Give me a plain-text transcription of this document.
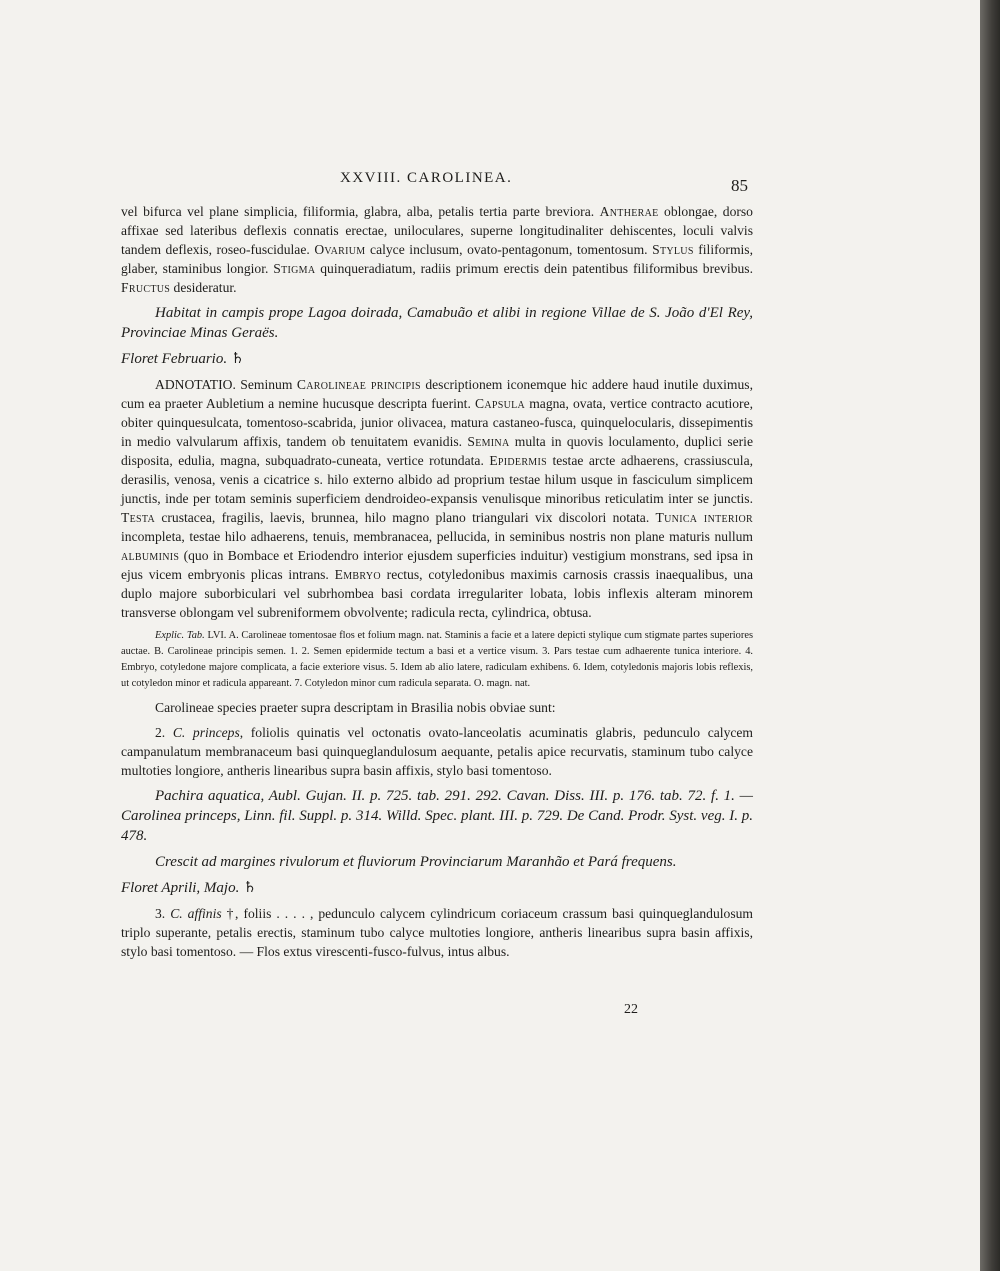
XXVIII. CAROLINEA.	85

vel bifurca vel plane simplicia, filiformia, glabra, alba, petalis tertia parte breviora. Antherae oblongae, dorso affixae sed lateribus deflexis connatis erectae, uniloculares, superne longitudinaliter dehiscentes, loculi valvis tandem deflexis, roseo-fuscidulae. Ovarium calyce inclusum, ovato-pentagonum, tomentosum. Stylus filiformis, glaber, staminibus longior. Stigma quinqueradiatum, radiis primum erectis dein patentibus filiformibus brevibus. Fructus desideratur.

Habitat in campis prope Lagoa doirada, Camabuão et alibi in regione Villae de S. João d'El Rey, Provinciae Minas Geraës.

Floret Februario. ♄

ADNOTATIO. Seminum Carolineae principis descriptionem iconemque hic addere haud inutile duximus, cum ea praeter Aubletium a nemine hucusque descripta fuerint. Capsula magna, ovata, vertice contracto acutiore, obiter quinquesulcata, tomentoso-scabrida, junior olivacea, matura castaneo-fusca, quinquelocularis, dissepimentis in medio valvularum affixis, tandem ob tenuitatem evanidis. Semina multa in quovis loculamento, duplici serie disposita, edulia, magna, subquadrato-cuneata, vertice rotundata. Epidermis testae arcte adhaerens, crassiuscula, derasilis, venosa, venis a cicatrice s. hilo externo albido ad proprium testae hilum usque in fasciculum simplicem junctis, inde per totam seminis superficiem dendroideo-expansis venulisque minoribus reticulatim inter se junctis. Testa crustacea, fragilis, laevis, brunnea, hilo magno plano triangulari vix discolori notata. Tunica interior incompleta, testae hilo adhaerens, tenuis, membranacea, pellucida, in seminibus nostris non plane maturis nullum albuminis (quo in Bombace et Eriodendro interior ejusdem superficies induitur) vestigium monstrans, sed ipsa in ejus vicem embryonis plicas intrans. Embryo rectus, cotyledonibus maximis carnosis crassis inaequalibus, una duplo majore suborbiculari vel subrhombea basi cordata irregulariter lobata, lobis inflexis alteram minorem transverse oblongam vel subreniformem obvolvente; radicula recta, cylindrica, obtusa.

Explic. Tab. LVI. A. Carolineae tomentosae flos et folium magn. nat. Staminis a facie et a latere depicti stylique cum stigmate partes superiores auctae. B. Carolineae principis semen. 1. 2. Semen epidermide tectum a basi et a vertice visum. 3. Pars testae cum adhaerente tunica interiore. 4. Embryo, cotyledone majore complicata, a facie exteriore visus. 5. Idem ab alio latere, radiculam exhibens. 6. Idem, cotyledonis majoris lobis reflexis, ut cotyledon minor et radicula appareant. 7. Cotyledon minor cum radicula separata. O. magn. nat.

Carolineae species praeter supra descriptam in Brasilia nobis obviae sunt:

2. C. princeps, foliolis quinatis vel octonatis ovato-lanceolatis acuminatis glabris, pedunculo calycem campanulatum membranaceum basi quinqueglandulosum aequante, petalis apice recurvatis, staminum tubo calyce multoties longiore, antheris linearibus supra basin affixis, stylo basi tomentoso.

Pachira aquatica, Aubl. Gujan. II. p. 725. tab. 291. 292. Cavan. Diss. III. p. 176. tab. 72. f. 1. — Carolinea princeps, Linn. fil. Suppl. p. 314. Willd. Spec. plant. III. p. 729. De Cand. Prodr. Syst. veg. I. p. 478.

Crescit ad margines rivulorum et fluviorum Provinciarum Maranhão et Pará frequens.

Floret Aprili, Majo. ♄

3. C. affinis †, foliis . . . . , pedunculo calycem cylindricum coriaceum crassum basi quinqueglandulosum triplo superante, petalis erectis, staminum tubo calyce multoties longiore, antheris linearibus supra basin affixis, stylo basi tomentoso. — Flos extus virescenti-fusco-fulvus, intus albus.

22
